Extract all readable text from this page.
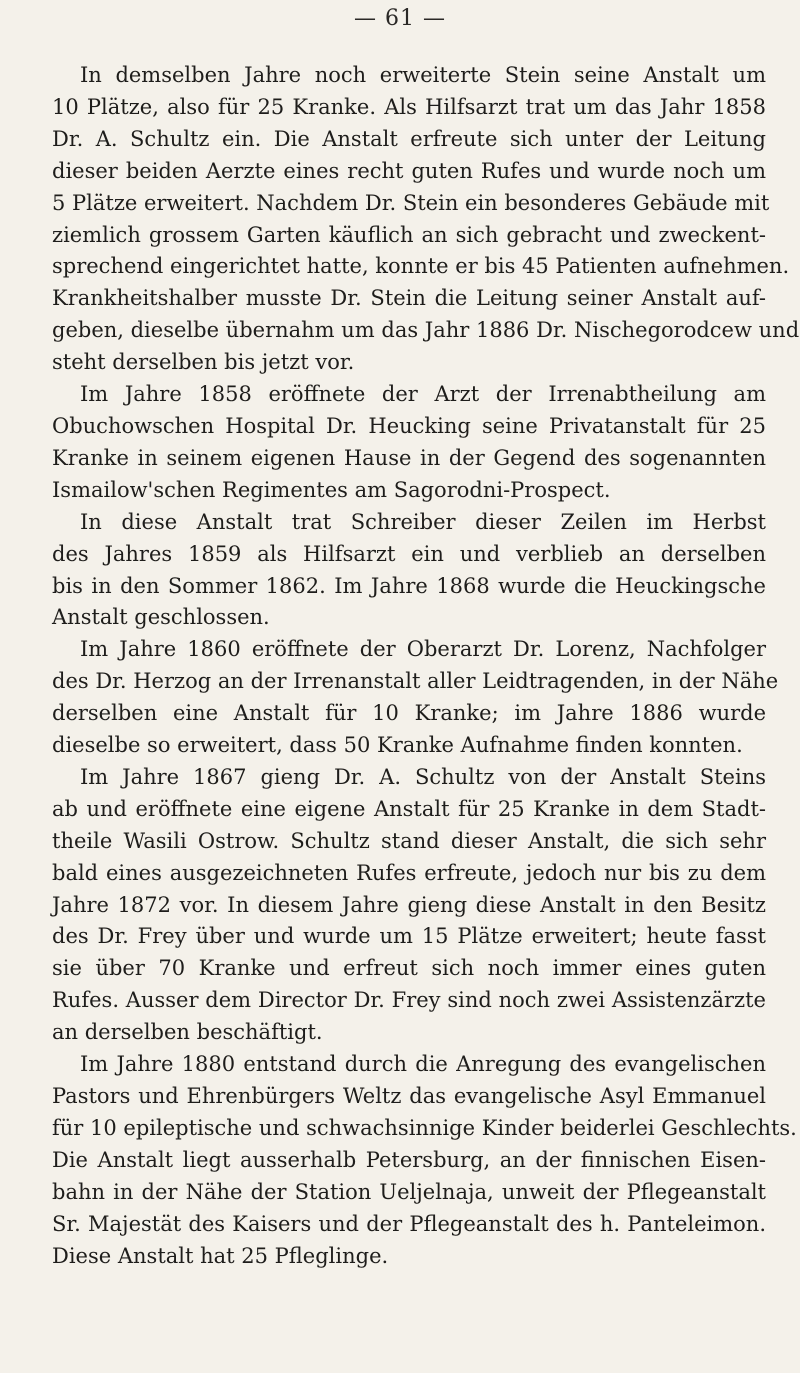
— 61 —

In demselben Jahre noch erweiterte Stein seine Anstalt um
10 Plätze, also für 25 Kranke. Als Hilfsarzt trat um das Jahr 1858
Dr. A. Schultz ein. Die Anstalt erfreute sich unter der Leitung
dieser beiden Aerzte eines recht guten Rufes und wurde noch um
5 Plätze erweitert. Nachdem Dr. Stein ein besonderes Gebäude mit
ziemlich grossem Garten käuflich an sich gebracht und zweckent-
sprechend eingerichtet hatte, konnte er bis 45 Patienten aufnehmen.
Krankheitshalber musste Dr. Stein die Leitung seiner Anstalt auf-
geben, dieselbe übernahm um das Jahr 1886 Dr. Nischegorodcew und
steht derselben bis jetzt vor.

Im Jahre 1858 eröffnete der Arzt der Irrenabtheilung am
Obuchowschen Hospital Dr. Heucking seine Privatanstalt für 25
Kranke in seinem eigenen Hause in der Gegend des sogenannten
Ismailow'schen Regimentes am Sagorodni-Prospect.

In diese Anstalt trat Schreiber dieser Zeilen im Herbst
des Jahres 1859 als Hilfsarzt ein und verblieb an derselben
bis in den Sommer 1862. Im Jahre 1868 wurde die Heuckingsche
Anstalt geschlossen.

Im Jahre 1860 eröffnete der Oberarzt Dr. Lorenz, Nachfolger
des Dr. Herzog an der Irrenanstalt aller Leidtragenden, in der Nähe
derselben eine Anstalt für 10 Kranke; im Jahre 1886 wurde
dieselbe so erweitert, dass 50 Kranke Aufnahme finden konnten.

Im Jahre 1867 gieng Dr. A. Schultz von der Anstalt Steins
ab und eröffnete eine eigene Anstalt für 25 Kranke in dem Stadt-
theile Wasili Ostrow. Schultz stand dieser Anstalt, die sich sehr
bald eines ausgezeichneten Rufes erfreute, jedoch nur bis zu dem
Jahre 1872 vor. In diesem Jahre gieng diese Anstalt in den Besitz
des Dr. Frey über und wurde um 15 Plätze erweitert; heute fasst
sie über 70 Kranke und erfreut sich noch immer eines guten
Rufes. Ausser dem Director Dr. Frey sind noch zwei Assistenzärzte
an derselben beschäftigt.

Im Jahre 1880 entstand durch die Anregung des evangelischen
Pastors und Ehrenbürgers Weltz das evangelische Asyl Emmanuel
für 10 epileptische und schwachsinnige Kinder beiderlei Geschlechts.
Die Anstalt liegt ausserhalb Petersburg, an der finnischen Eisen-
bahn in der Nähe der Station Ueljelnaja, unweit der Pflegeanstalt
Sr. Majestät des Kaisers und der Pflegeanstalt des h. Panteleimon.
Diese Anstalt hat 25 Pfleglinge.
